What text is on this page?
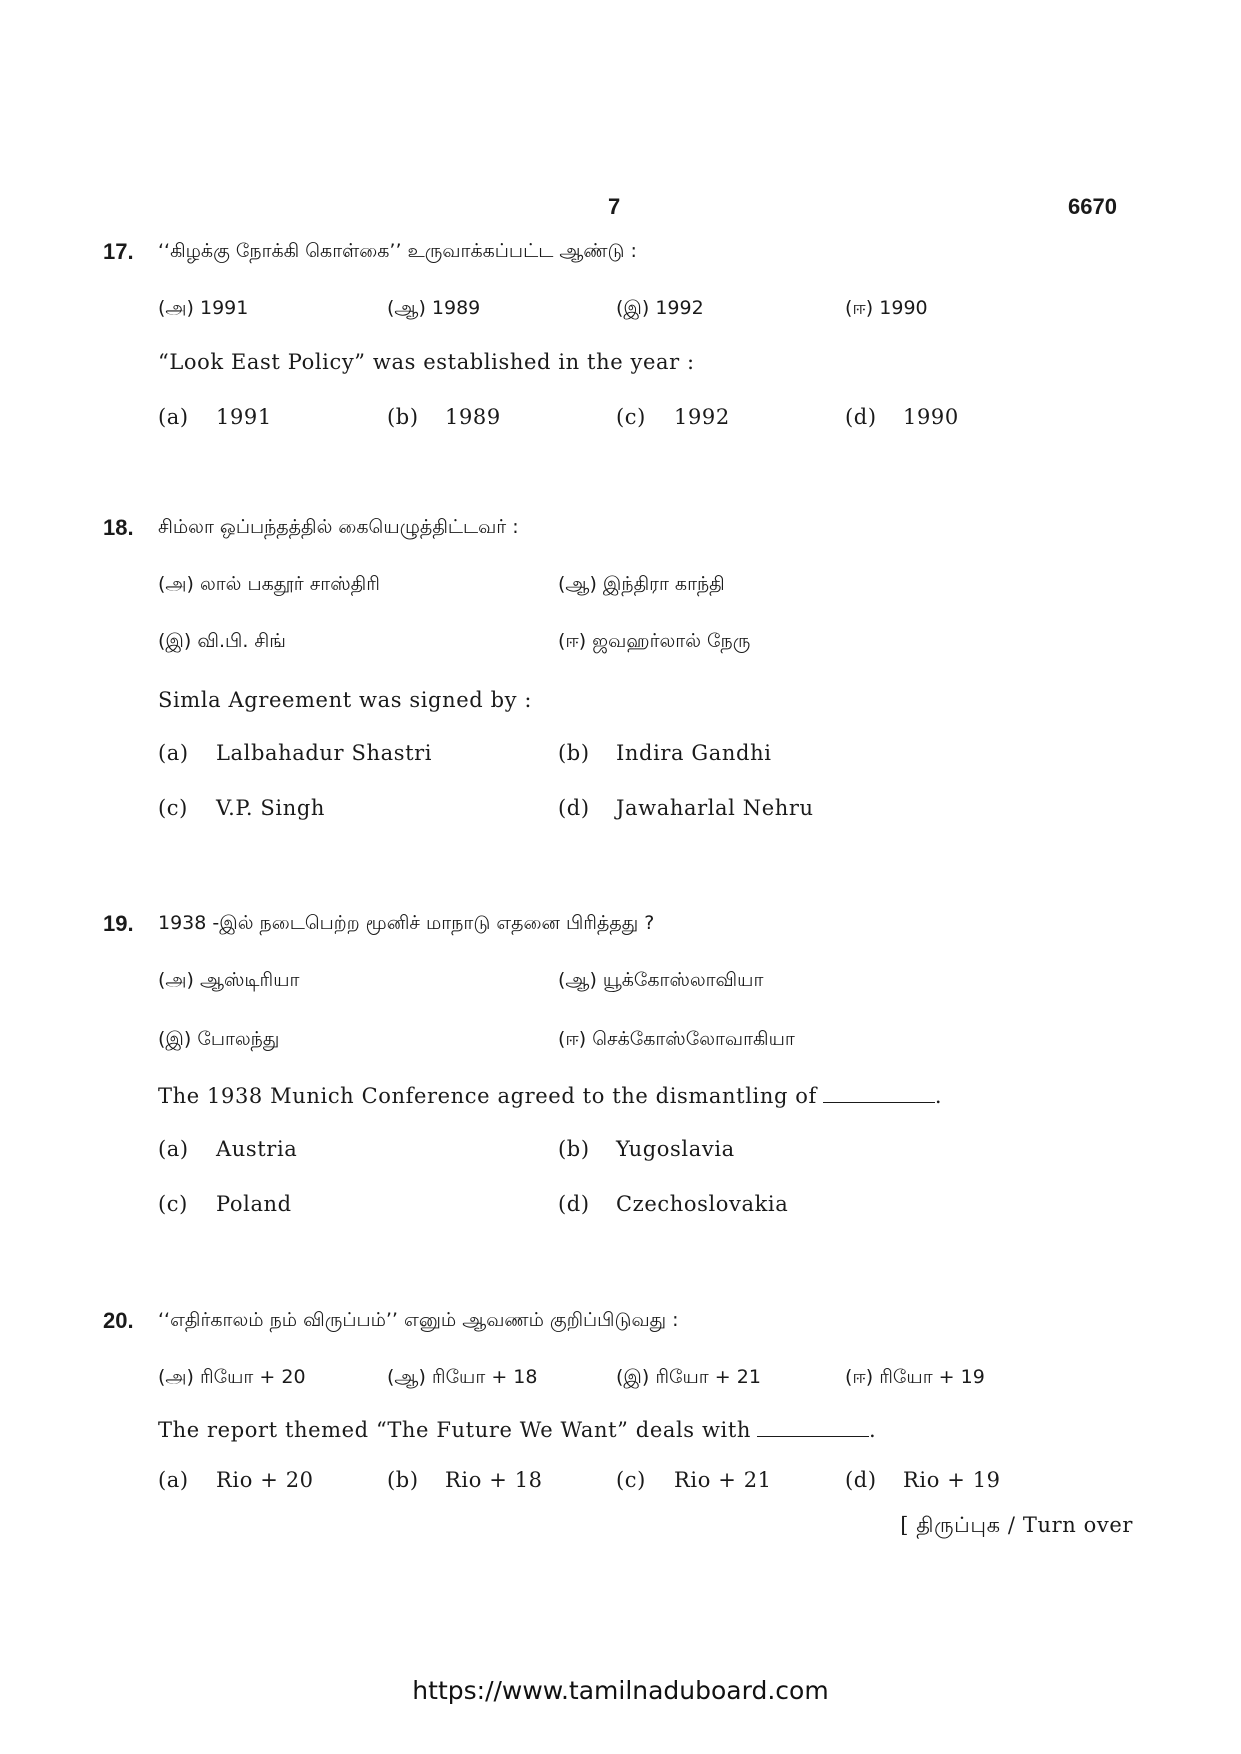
7	6670
17. ‘‘கிழக்கு நோக்கி கொள்கை’’ உருவாக்கப்பட்ட ஆண்டு :
(அ) 1991	(ஆ) 1989	(இ) 1992	(ஈ) 1990
“Look East Policy” was established in the year :
(a) 1991	(b) 1989	(c) 1992	(d) 1990
18. சிம்லா ஒப்பந்தத்தில் கையெழுத்திட்டவர் :
(அ) லால் பகதூர் சாஸ்திரி	(ஆ) இந்திரா காந்தி
(இ) வி.பி. சிங்	(ஈ) ஜவஹர்லால் நேரு
Simla Agreement was signed by :
(a) Lalbahadur Shastri	(b) Indira Gandhi
(c) V.P. Singh	(d) Jawaharlal Nehru
19. 1938 -இல் நடைபெற்ற மூனிச் மாநாடு எதனை பிரித்தது ?
(அ) ஆஸ்டிரியா	(ஆ) யூக்கோஸ்லாவியா
(இ) போலந்து	(ஈ) செக்கோஸ்லோவாகியா
The 1938 Munich Conference agreed to the dismantling of	.
(a) Austria	(b) Yugoslavia
(c) Poland	(d) Czechoslovakia
20. ‘‘எதிர்காலம் நம் விருப்பம்’’ எனும் ஆவணம் குறிப்பிடுவது :
(அ) ரியோ + 20	(ஆ) ரியோ + 18	(இ) ரியோ + 21	(ஈ) ரியோ + 19
The report themed “The Future We Want” deals with	.
(a) Rio + 20	(b) Rio + 18	(c) Rio + 21	(d) Rio + 19
[ திருப்புக / Turn over
https://www.tamilnaduboard.com
